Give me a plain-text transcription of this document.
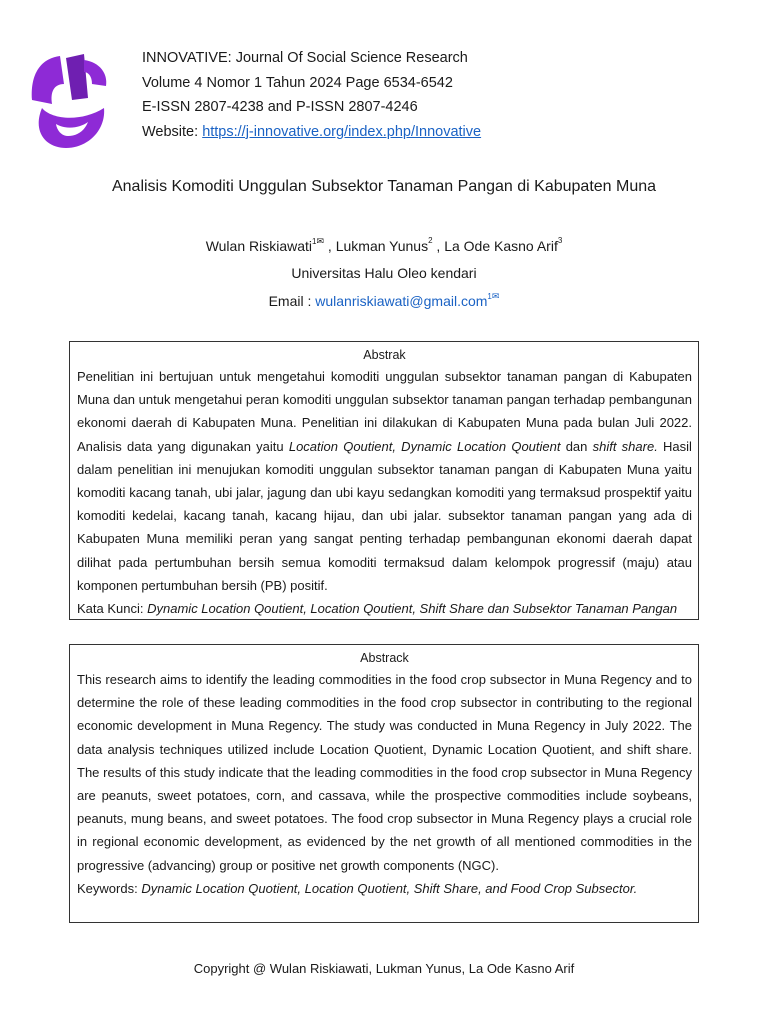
INNOVATIVE: Journal Of Social Science Research
Volume 4 Nomor 1 Tahun 2024 Page 6534-6542
E-ISSN 2807-4238 and P-ISSN 2807-4246
Website: https://j-innovative.org/index.php/Innovative
Analisis Komoditi Unggulan Subsektor Tanaman Pangan di Kabupaten Muna
Wulan Riskiawati$^{1✉}$ , Lukman Yunus$^2$ , La Ode Kasno Arif$^3$
Universitas Halu Oleo kendari
Email : wulanriskiawati@gmail.com$^{1✉}$
Abstrak
Penelitian ini bertujuan untuk mengetahui komoditi unggulan subsektor tanaman pangan di Kabupaten Muna dan untuk mengetahui peran komoditi unggulan subsektor tanaman pangan terhadap pembangunan ekonomi daerah di Kabupaten Muna. Penelitian ini dilakukan di Kabupaten Muna pada bulan Juli 2022. Analisis data yang digunakan yaitu Location Qoutient, Dynamic Location Qoutient dan shift share. Hasil dalam penelitian ini menujukan komoditi unggulan subsektor tanaman pangan di Kabupaten Muna yaitu komoditi kacang tanah, ubi jalar, jagung dan ubi kayu sedangkan komoditi yang termaksud prospektif yaitu komoditi kedelai, kacang tanah, kacang hijau, dan ubi jalar. subsektor tanaman pangan yang ada di Kabupaten Muna memiliki peran yang sangat penting terhadap pembangunan ekonomi daerah dapat dilihat pada pertumbuhan bersih semua komoditi termaksud dalam kelompok progressif (maju) atau komponen pertumbuhan bersih (PB) positif.
Kata Kunci: Dynamic Location Qoutient, Location Qoutient, Shift Share dan Subsektor Tanaman Pangan
Abstrack
This research aims to identify the leading commodities in the food crop subsector in Muna Regency and to determine the role of these leading commodities in the food crop subsector in contributing to the regional economic development in Muna Regency. The study was conducted in Muna Regency in July 2022. The data analysis techniques utilized include Location Quotient, Dynamic Location Quotient, and shift share. The results of this study indicate that the leading commodities in the food crop subsector in Muna Regency are peanuts, sweet potatoes, corn, and cassava, while the prospective commodities include soybeans, peanuts, mung beans, and sweet potatoes. The food crop subsector in Muna Regency plays a crucial role in regional economic development, as evidenced by the net growth of all mentioned commodities in the progressive (advancing) group or positive net growth components (NGC).
Keywords: Dynamic Location Quotient, Location Quotient, Shift Share, and Food Crop Subsector.
Copyright @ Wulan Riskiawati, Lukman Yunus, La Ode Kasno Arif
